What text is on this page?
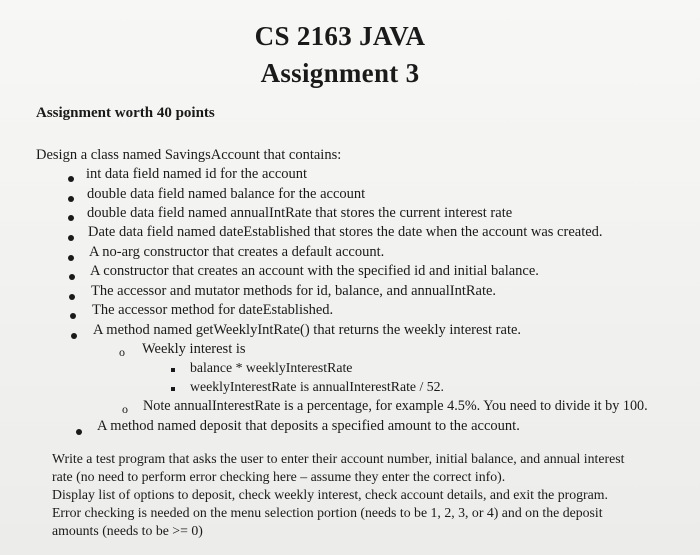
CS 2163 JAVA
Assignment 3
Assignment worth 40 points
Design a class named SavingsAccount that contains:
int data field named id for the account
double data field named balance for the account
double data field named annualIntRate that stores the current interest rate
Date data field named dateEstablished that stores the date when the account was created.
A no-arg constructor that creates a default account.
A constructor that creates an account with the specified id and initial balance.
The accessor and mutator methods for id, balance, and annualIntRate.
The accessor method for dateEstablished.
A method named getWeeklyIntRate() that returns the weekly interest rate.
o Weekly interest is
balance * weeklyInterestRate
weeklyInterestRate is annualInterestRate / 52.
o Note annualInterestRate is a percentage, for example 4.5%. You need to divide it by 100.
A method named deposit that deposits a specified amount to the account.
Write a test program that asks the user to enter their account number, initial balance, and annual interest
rate (no need to perform error checking here – assume they enter the correct info).
Display list of options to deposit, check weekly interest, check account details, and exit the program.
Error checking is needed on the menu selection portion (needs to be 1, 2, 3, or 4) and on the deposit
amounts (needs to be >= 0)
